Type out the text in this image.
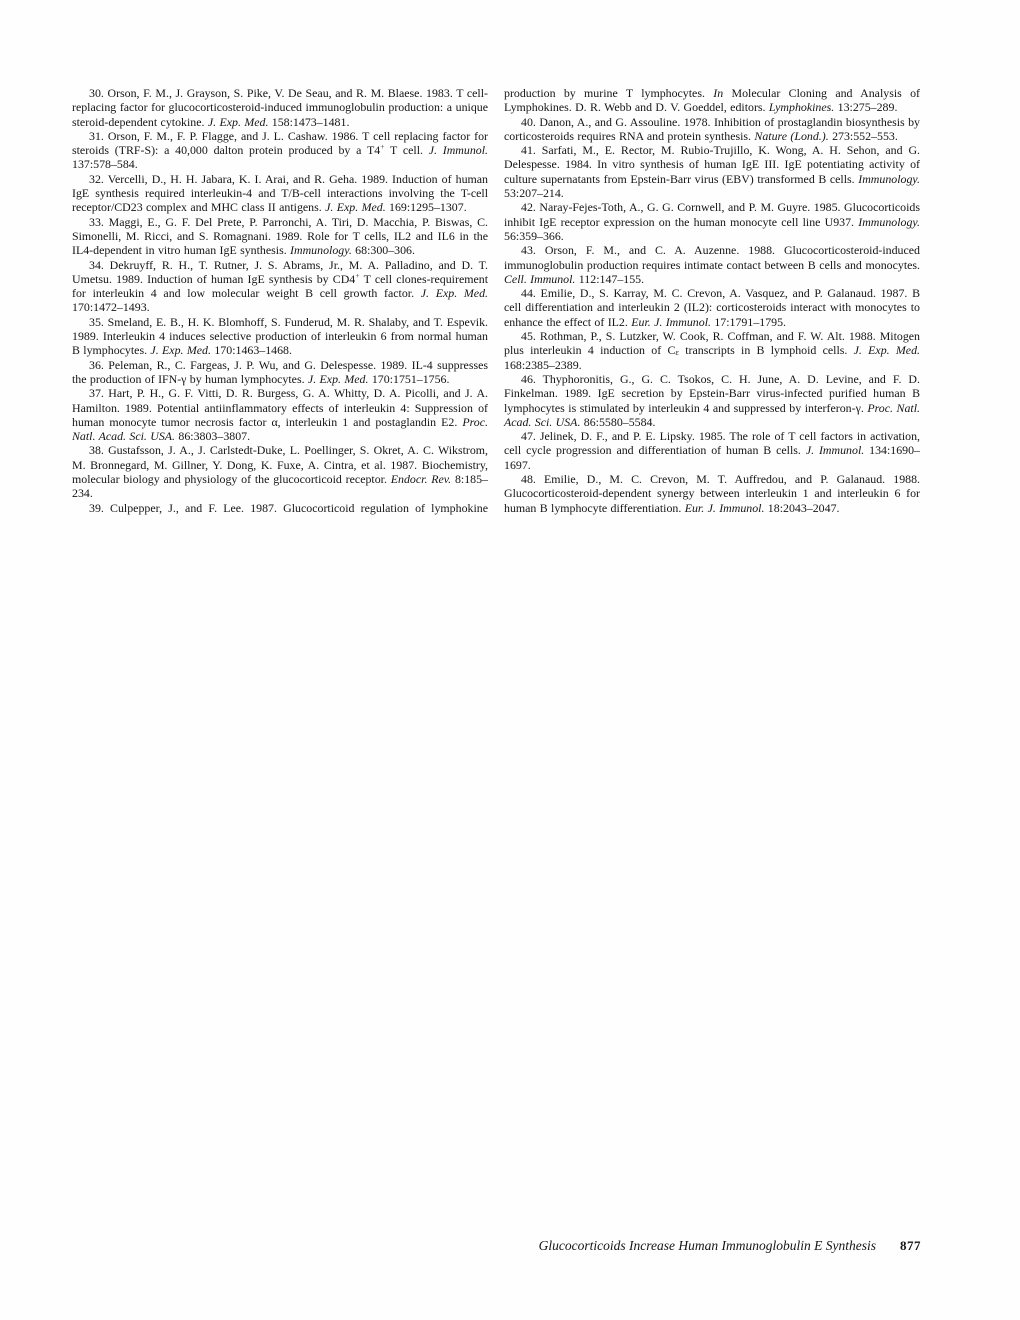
30. Orson, F. M., J. Grayson, S. Pike, V. De Seau, and R. M. Blaese. 1983. T cell-replacing factor for glucocorticosteroid-induced immunoglobulin production: a unique steroid-dependent cytokine. J. Exp. Med. 158:1473–1481.

31. Orson, F. M., F. P. Flagge, and J. L. Cashaw. 1986. T cell replacing factor for steroids (TRF-S): a 40,000 dalton protein produced by a T4+ T cell. J. Immunol. 137:578–584.

32. Vercelli, D., H. H. Jabara, K. I. Arai, and R. Geha. 1989. Induction of human IgE synthesis required interleukin-4 and T/B-cell interactions involving the T-cell receptor/CD23 complex and MHC class II antigens. J. Exp. Med. 169:1295–1307.

33. Maggi, E., G. F. Del Prete, P. Parronchi, A. Tiri, D. Macchia, P. Biswas, C. Simonelli, M. Ricci, and S. Romagnani. 1989. Role for T cells, IL2 and IL6 in the IL4-dependent in vitro human IgE synthesis. Immunology. 68:300–306.

34. Dekruyff, R. H., T. Rutner, J. S. Abrams, Jr., M. A. Palladino, and D. T. Umetsu. 1989. Induction of human IgE synthesis by CD4+ T cell clones-requirement for interleukin 4 and low molecular weight B cell growth factor. J. Exp. Med. 170:1472–1493.

35. Smeland, E. B., H. K. Blomhoff, S. Funderud, M. R. Shalaby, and T. Espevik. 1989. Interleukin 4 induces selective production of interleukin 6 from normal human B lymphocytes. J. Exp. Med. 170:1463–1468.

36. Peleman, R., C. Fargeas, J. P. Wu, and G. Delespesse. 1989. IL-4 suppresses the production of IFN-γ by human lymphocytes. J. Exp. Med. 170:1751–1756.

37. Hart, P. H., G. F. Vitti, D. R. Burgess, G. A. Whitty, D. A. Picolli, and J. A. Hamilton. 1989. Potential antiinflammatory effects of interleukin 4: Suppression of human monocyte tumor necrosis factor α, interleukin 1 and postaglandin E2. Proc. Natl. Acad. Sci. USA. 86:3803–3807.

38. Gustafsson, J. A., J. Carlstedt-Duke, L. Poellinger, S. Okret, A. C. Wikstrom, M. Bronnegard, M. Gillner, Y. Dong, K. Fuxe, A. Cintra, et al. 1987. Biochemistry, molecular biology and physiology of the glucocorticoid receptor. Endocr. Rev. 8:185–234.

39. Culpepper, J., and F. Lee. 1987. Glucocorticoid regulation of lymphokine

production by murine T lymphocytes. In Molecular Cloning and Analysis of Lymphokines. D. R. Webb and D. V. Goeddel, editors. Lymphokines. 13:275–289.

40. Danon, A., and G. Assouline. 1978. Inhibition of prostaglandin biosynthesis by corticosteroids requires RNA and protein synthesis. Nature (Lond.). 273:552–553.

41. Sarfati, M., E. Rector, M. Rubio-Trujillo, K. Wong, A. H. Sehon, and G. Delespesse. 1984. In vitro synthesis of human IgE III. IgE potentiating activity of culture supernatants from Epstein-Barr virus (EBV) transformed B cells. Immunology. 53:207–214.

42. Naray-Fejes-Toth, A., G. G. Cornwell, and P. M. Guyre. 1985. Glucocorticoids inhibit IgE receptor expression on the human monocyte cell line U937. Immunology. 56:359–366.

43. Orson, F. M., and C. A. Auzenne. 1988. Glucocorticosteroid-induced immunoglobulin production requires intimate contact between B cells and monocytes. Cell. Immunol. 112:147–155.

44. Emilie, D., S. Karray, M. C. Crevon, A. Vasquez, and P. Galanaud. 1987. B cell differentiation and interleukin 2 (IL2): corticosteroids interact with monocytes to enhance the effect of IL2. Eur. J. Immunol. 17:1791–1795.

45. Rothman, P., S. Lutzker, W. Cook, R. Coffman, and F. W. Alt. 1988. Mitogen plus interleukin 4 induction of $C_\varepsilon$ transcripts in B lymphoid cells. J. Exp. Med. 168:2385–2389.

46. Thyphoronitis, G., G. C. Tsokos, C. H. June, A. D. Levine, and F. D. Finkelman. 1989. IgE secretion by Epstein-Barr virus-infected purified human B lymphocytes is stimulated by interleukin 4 and suppressed by interferon-γ. Proc. Natl. Acad. Sci. USA. 86:5580–5584.

47. Jelinek, D. F., and P. E. Lipsky. 1985. The role of T cell factors in activation, cell cycle progression and differentiation of human B cells. J. Immunol. 134:1690–1697.

48. Emilie, D., M. C. Crevon, M. T. Auffredou, and P. Galanaud. 1988. Glucocorticosteroid-dependent synergy between interleukin 1 and interleukin 6 for human B lymphocyte differentiation. Eur. J. Immunol. 18:2043–2047.

Glucocorticoids Increase Human Immunoglobulin E Synthesis 877
